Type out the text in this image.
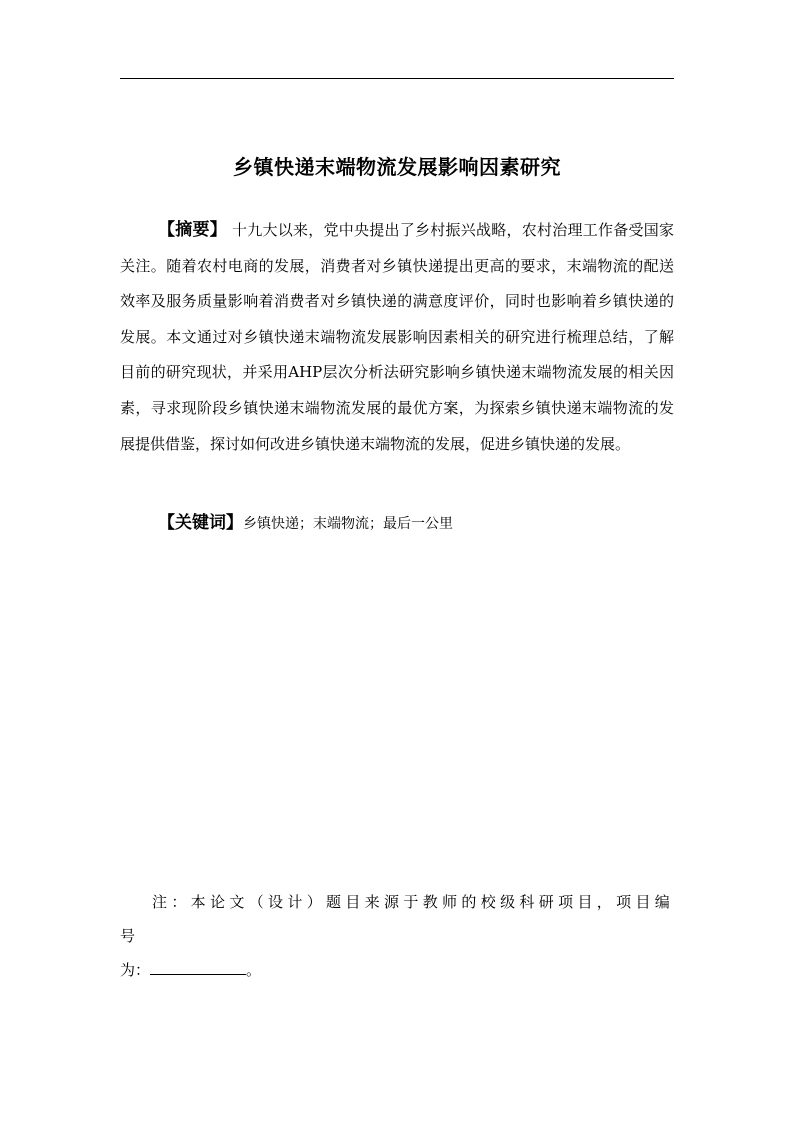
乡镇快递末端物流发展影响因素研究
【摘要】 十九大以来，党中央提出了乡村振兴战略，农村治理工作备受国家关注。随着农村电商的发展，消费者对乡镇快递提出更高的要求，末端物流的配送效率及服务质量影响着消费者对乡镇快递的满意度评价，同时也影响着乡镇快递的发展。本文通过对乡镇快递末端物流发展影响因素相关的研究进行梳理总结，了解目前的研究现状，并采用AHP层次分析法研究影响乡镇快递末端物流发展的相关因素，寻求现阶段乡镇快递末端物流发展的最优方案，为探索乡镇快递末端物流的发展提供借鉴，探讨如何改进乡镇快递末端物流的发展，促进乡镇快递的发展。
【关键词】乡镇快递；末端物流；最后一公里
注：本论文（设计）题目来源于教师的校级科研项目，项目编号
为：	。
